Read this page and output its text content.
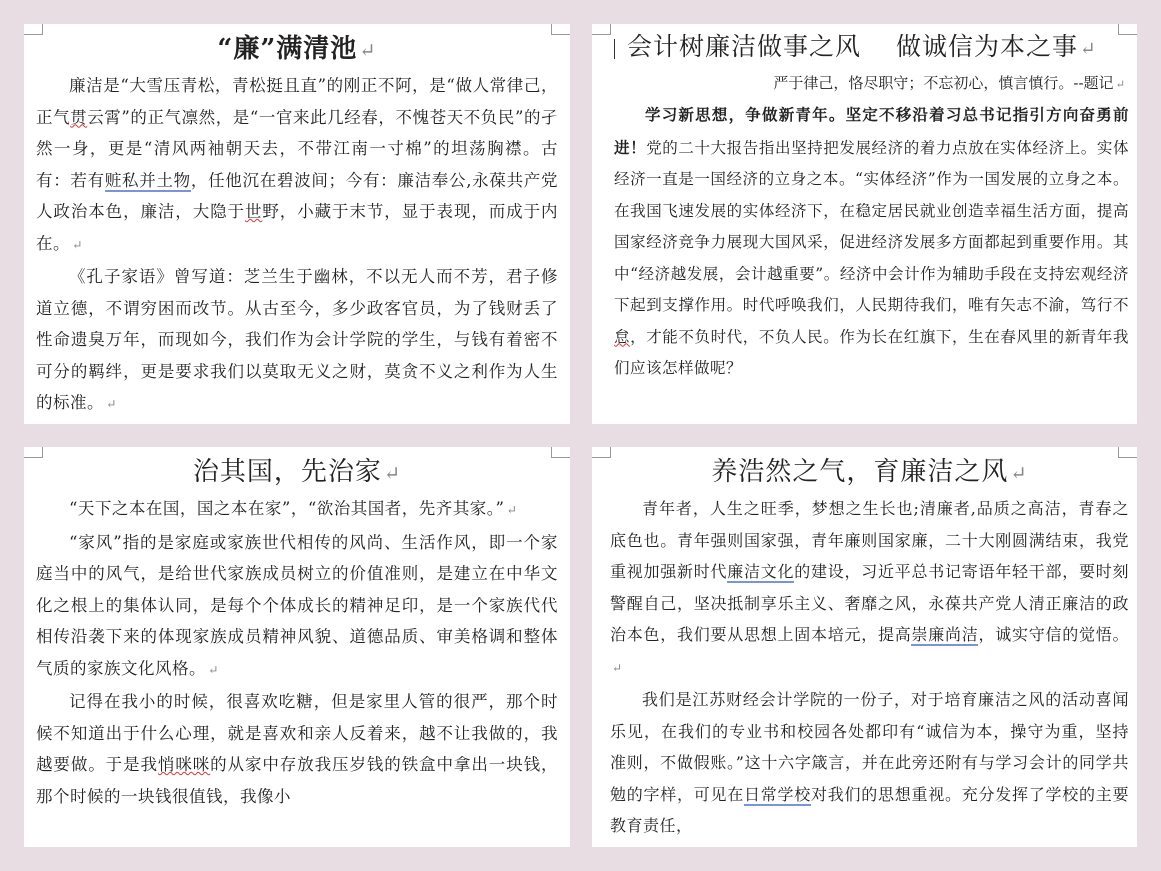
“廉”满清池 ↵

廉洁是“大雪压青松，青松挺且直”的刚正不阿，是“做人常律己，正气贯云霄”的正气凛然，是“一官来此几经春，不愧苍天不负民”的孑然一身，更是“清风两袖朝天去，不带江南一寸棉”的坦荡胸襟。古有：若有赃私并土物，任他沉在碧波间；今有：廉洁奉公,永葆共产党人政治本色，廉洁，大隐于世野，小藏于末节，显于表现，而成于内在。 ↵

《孔子家语》曾写道：芝兰生于幽林，不以无人而不芳，君子修道立德，不谓穷困而改节。从古至今，多少政客官员，为了钱财丢了性命遗臭万年，而现如今，我们作为会计学院的学生，与钱有着密不可分的羁绊，更是要求我们以莫取无义之财，莫贪不义之利作为人生的标准。 ↵

会计树廉洁做事之风　 做诚信为本之事 ↵

严于律己，恪尽职守；不忘初心，慎言慎行。--题记 ↵

学习新思想，争做新青年。坚定不移沿着习总书记指引方向奋勇前进！党的二十大报告指出坚持把发展经济的着力点放在实体经济上。实体经济一直是一国经济的立身之本。“实体经济”作为一国发展的立身之本。在我国飞速发展的实体经济下，在稳定居民就业创造幸福生活方面，提高国家经济竞争力展现大国风采，促进经济发展多方面都起到重要作用。其中“经济越发展，会计越重要”。经济中会计作为辅助手段在支持宏观经济下起到支撑作用。时代呼唤我们，人民期待我们，唯有矢志不渝，笃行不怠，才能不负时代，不负人民。作为长在红旗下，生在春风里的新青年我们应该怎样做呢？

治其国，先治家 ↵

“天下之本在国，国之本在家”，“欲治其国者，先齐其家。” ↵

“家风”指的是家庭或家族世代相传的风尚、生活作风，即一个家庭当中的风气，是给世代家族成员树立的价值准则，是建立在中华文化之根上的集体认同，是每个个体成长的精神足印，是一个家族代代相传沿袭下来的体现家族成员精神风貌、道德品质、审美格调和整体气质的家族文化风格。 ↵

记得在我小的时候，很喜欢吃糖，但是家里人管的很严，那个时候不知道出于什么心理，就是喜欢和亲人反着来，越不让我做的，我越要做。于是我悄咪咪的从家中存放我压岁钱的铁盒中拿出一块钱，那个时候的一块钱很值钱，我像小

养浩然之气，育廉洁之风 ↵

青年者，人生之旺季，梦想之生长也;清廉者,品质之高洁，青春之底色也。青年强则国家强，青年廉则国家廉，二十大刚圆满结束，我党重视加强新时代廉洁文化的建设，习近平总书记寄语年轻干部，要时刻警醒自己，坚决抵制享乐主义、奢靡之风，永葆共产党人清正廉洁的政治本色，我们要从思想上固本培元，提高崇廉尚洁，诚实守信的觉悟。↵

我们是江苏财经会计学院的一份子，对于培育廉洁之风的活动喜闻乐见，在我们的专业书和校园各处都印有“诚信为本，操守为重，坚持准则，不做假账。”这十六字箴言，并在此旁还附有与学习会计的同学共勉的字样，可见在日常学校对我们的思想重视。充分发挥了学校的主要教育责任，
